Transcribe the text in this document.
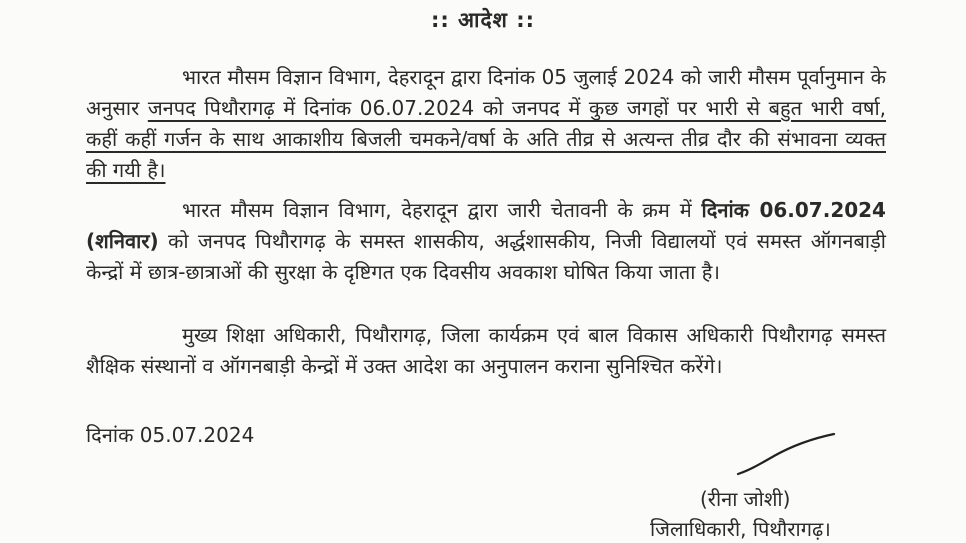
:: आदेश ::
भारत मौसम विज्ञान विभाग, देहरादून द्वारा दिनांक 05 जुलाई 2024 को जारी मौसम पूर्वानुमान के अनुसार जनपद पिथौरागढ़ में दिनांक 06.07.2024 को जनपद में कुछ जगहों पर भारी से बहुत भारी वर्षा, कहीं कहीं गर्जन के साथ आकाशीय बिजली चमकने/वर्षा के अति तीव्र से अत्यन्त तीव्र दौर की संभावना व्यक्त की गयी है।
भारत मौसम विज्ञान विभाग, देहरादून द्वारा जारी चेतावनी के क्रम में दिनांक 06.07.2024 (शनिवार) को जनपद पिथौरागढ़ के समस्त शासकीय, अर्द्धशासकीय, निजी विद्यालयों एवं समस्त ऑगनबाड़ी केन्द्रों में छात्र-छात्राओं की सुरक्षा के दृष्टिगत एक दिवसीय अवकाश घोषित किया जाता है।
मुख्य शिक्षा अधिकारी, पिथौरागढ़, जिला कार्यक्रम एवं बाल विकास अधिकारी पिथौरागढ़ समस्त शैक्षिक संस्थानों व ऑगनबाड़ी केन्द्रों में उक्त आदेश का अनुपालन कराना सुनिश्चित करेंगे।
दिनांक 05.07.2024
(रीना जोशी)
जिलाधिकारी, पिथौरागढ़।
